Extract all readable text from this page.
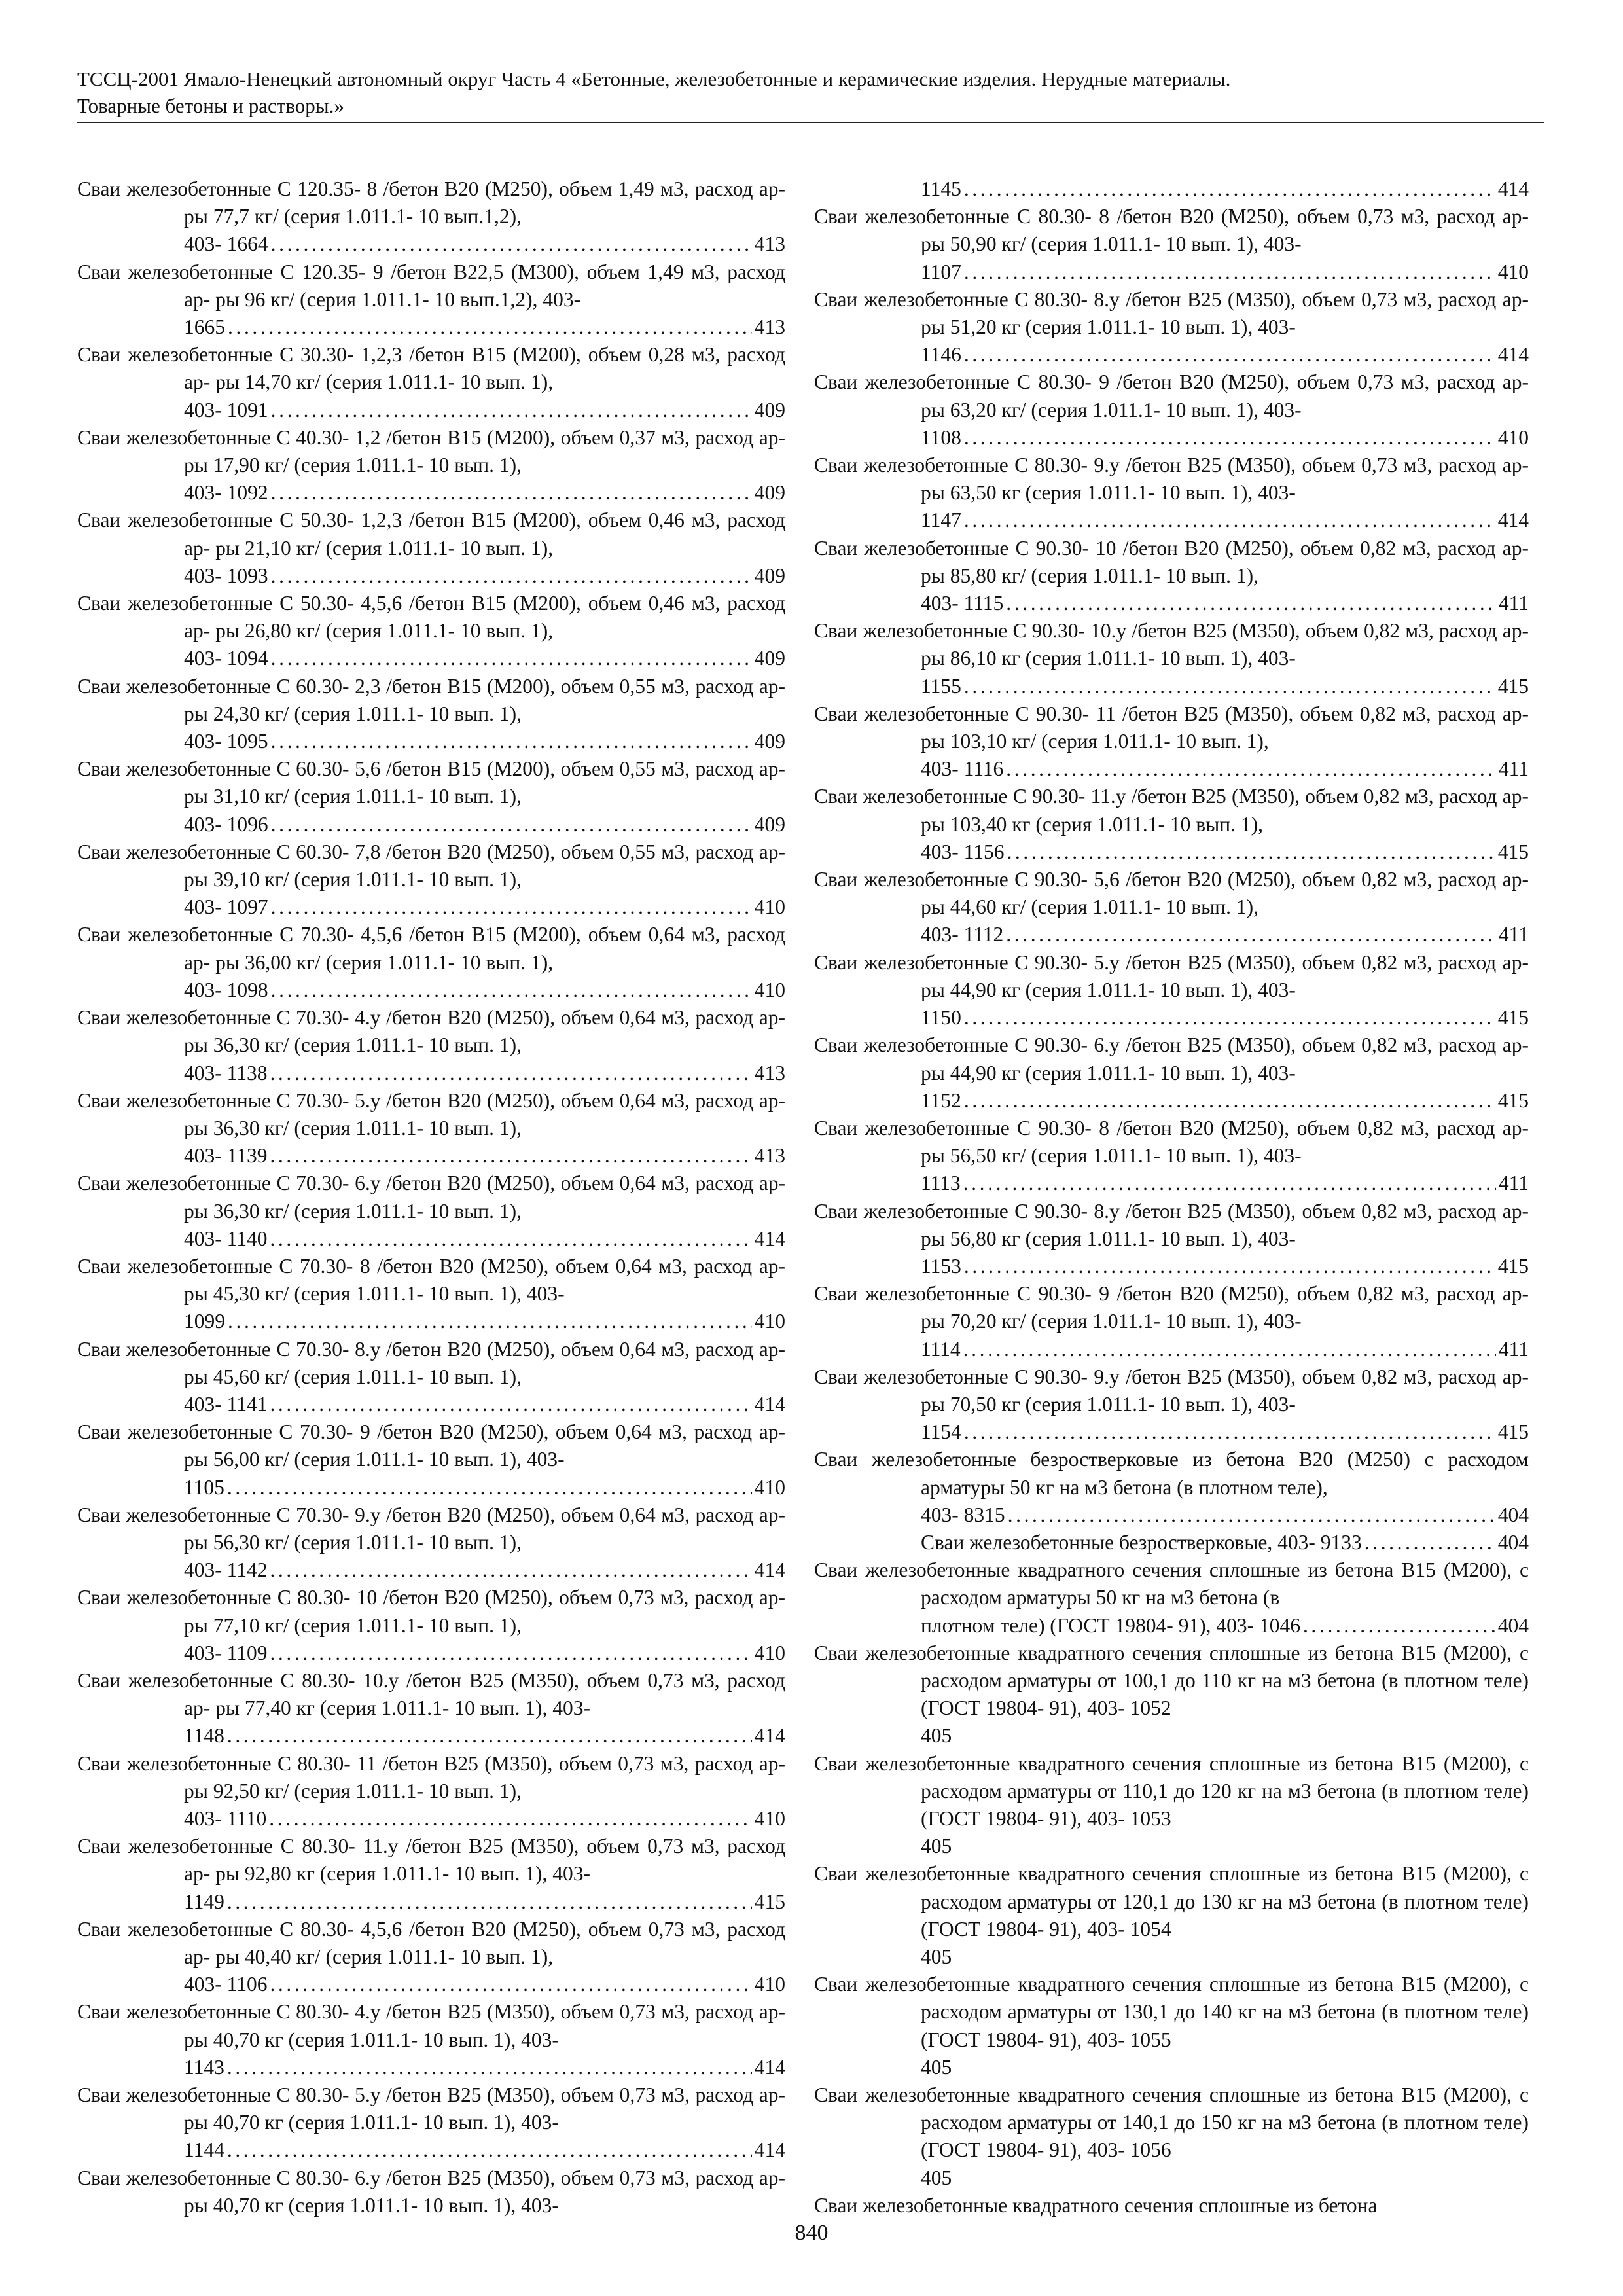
ТССЦ-2001 Ямало-Ненецкий автономный округ Часть 4 «Бетонные, железобетонные и керамические изделия. Нерудные материалы.
Товарные бетоны и растворы.»
Сваи железобетонные С 120.35- 8 /бетон В20 (М250), объем 1,49 м3, расход ар- ры 77,7 кг/ (серия 1.011.1- 10 вып.1,2),
403- 1664 .....	413
Сваи железобетонные С 120.35- 9 /бетон В22,5 (М300), объем 1,49 м3, расход ар- ры 96 кг/ (серия 1.011.1- 10 вып.1,2), 403-
1665 .....	413
Сваи железобетонные С 30.30- 1,2,3 /бетон В15 (М200), объем 0,28 м3, расход ар- ры 14,70 кг/ (серия 1.011.1- 10 вып. 1),
403- 1091 .....	409
Сваи железобетонные С 40.30- 1,2 /бетон В15 (М200), объем 0,37 м3, расход ар- ры 17,90 кг/ (серия 1.011.1- 10 вып. 1),
403- 1092 .....	409
Сваи железобетонные С 50.30- 1,2,3 /бетон В15 (М200), объем 0,46 м3, расход ар- ры 21,10 кг/ (серия 1.011.1- 10 вып. 1),
403- 1093 .....	409
Сваи железобетонные С 50.30- 4,5,6 /бетон В15 (М200), объем 0,46 м3, расход ар- ры 26,80 кг/ (серия 1.011.1- 10 вып. 1),
403- 1094 .....	409
Сваи железобетонные С 60.30- 2,3 /бетон В15 (М200), объем 0,55 м3, расход ар- ры 24,30 кг/ (серия 1.011.1- 10 вып. 1),
403- 1095 .....	409
Сваи железобетонные С 60.30- 5,6 /бетон В15 (М200), объем 0,55 м3, расход ар- ры 31,10 кг/ (серия 1.011.1- 10 вып. 1),
403- 1096 .....	409
Сваи железобетонные С 60.30- 7,8 /бетон В20 (М250), объем 0,55 м3, расход ар- ры 39,10 кг/ (серия 1.011.1- 10 вып. 1),
403- 1097 .....	410
Сваи железобетонные С 70.30- 4,5,6 /бетон В15 (М200), объем 0,64 м3, расход ар- ры 36,00 кг/ (серия 1.011.1- 10 вып. 1),
403- 1098 .....	410
Сваи железобетонные С 70.30- 4.у /бетон В20 (М250), объем 0,64 м3, расход ар- ры 36,30 кг/ (серия 1.011.1- 10 вып. 1),
403- 1138 .....	413
Сваи железобетонные С 70.30- 5.у /бетон В20 (М250), объем 0,64 м3, расход ар- ры 36,30 кг/ (серия 1.011.1- 10 вып. 1),
403- 1139 .....	413
Сваи железобетонные С 70.30- 6.у /бетон В20 (М250), объем 0,64 м3, расход ар- ры 36,30 кг/ (серия 1.011.1- 10 вып. 1),
403- 1140 .....	414
Сваи железобетонные С 70.30- 8 /бетон В20 (М250), объем 0,64 м3, расход ар- ры 45,30 кг/ (серия 1.011.1- 10 вып. 1), 403-
1099 .....	410
Сваи железобетонные С 70.30- 8.у /бетон В20 (М250), объем 0,64 м3, расход ар- ры 45,60 кг/ (серия 1.011.1- 10 вып. 1),
403- 1141 .....	414
Сваи железобетонные С 70.30- 9 /бетон В20 (М250), объем 0,64 м3, расход ар- ры 56,00 кг/ (серия 1.011.1- 10 вып. 1), 403-
1105 .....	410
Сваи железобетонные С 70.30- 9.у /бетон В20 (М250), объем 0,64 м3, расход ар- ры 56,30 кг/ (серия 1.011.1- 10 вып. 1),
403- 1142 .....	414
Сваи железобетонные С 80.30- 10 /бетон В20 (М250), объем 0,73 м3, расход ар- ры 77,10 кг/ (серия 1.011.1- 10 вып. 1),
403- 1109 .....	410
Сваи железобетонные С 80.30- 10.у /бетон В25 (М350), объем 0,73 м3, расход ар- ры 77,40 кг (серия 1.011.1- 10 вып. 1), 403-
1148 .....	414
Сваи железобетонные С 80.30- 11 /бетон В25 (М350), объем 0,73 м3, расход ар- ры 92,50 кг/ (серия 1.011.1- 10 вып. 1),
403- 1110 .....	410
Сваи железобетонные С 80.30- 11.у /бетон В25 (М350), объем 0,73 м3, расход ар- ры 92,80 кг (серия 1.011.1- 10 вып. 1), 403-
1149 .....	415
Сваи железобетонные С 80.30- 4,5,6 /бетон В20 (М250), объем 0,73 м3, расход ар- ры 40,40 кг/ (серия 1.011.1- 10 вып. 1),
403- 1106 .....	410
Сваи железобетонные С 80.30- 4.у /бетон В25 (М350), объем 0,73 м3, расход ар- ры 40,70 кг (серия 1.011.1- 10 вып. 1), 403-
1143 .....	414
Сваи железобетонные С 80.30- 5.у /бетон В25 (М350), объем 0,73 м3, расход ар- ры 40,70 кг (серия 1.011.1- 10 вып. 1), 403-
1144 .....	414
Сваи железобетонные С 80.30- 6.у /бетон В25 (М350), объем 0,73 м3, расход ар- ры 40,70 кг (серия 1.011.1- 10 вып. 1), 403-
1145 .....	414
Сваи железобетонные С 80.30- 8 /бетон В20 (М250), объем 0,73 м3, расход ар- ры 50,90 кг/ (серия 1.011.1- 10 вып. 1), 403-
1107 .....	410
Сваи железобетонные С 80.30- 8.у /бетон В25 (М350), объем 0,73 м3, расход ар- ры 51,20 кг (серия 1.011.1- 10 вып. 1), 403-
1146 .....	414
Сваи железобетонные С 80.30- 9 /бетон В20 (М250), объем 0,73 м3, расход ар- ры 63,20 кг/ (серия 1.011.1- 10 вып. 1), 403-
1108 .....	410
Сваи железобетонные С 80.30- 9.у /бетон В25 (М350), объем 0,73 м3, расход ар- ры 63,50 кг (серия 1.011.1- 10 вып. 1), 403-
1147 .....	414
Сваи железобетонные С 90.30- 10 /бетон В20 (М250), объем 0,82 м3, расход ар- ры 85,80 кг/ (серия 1.011.1- 10 вып. 1),
403- 1115 .....	411
Сваи железобетонные С 90.30- 10.у /бетон В25 (М350), объем 0,82 м3, расход ар- ры 86,10 кг (серия 1.011.1- 10 вып. 1), 403-
1155 .....	415
Сваи железобетонные С 90.30- 11 /бетон В25 (М350), объем 0,82 м3, расход ар- ры 103,10 кг/ (серия 1.011.1- 10 вып. 1),
403- 1116 .....	411
Сваи железобетонные С 90.30- 11.у /бетон В25 (М350), объем 0,82 м3, расход ар- ры 103,40 кг (серия 1.011.1- 10 вып. 1),
403- 1156 .....	415
Сваи железобетонные С 90.30- 5,6 /бетон В20 (М250), объем 0,82 м3, расход ар- ры 44,60 кг/ (серия 1.011.1- 10 вып. 1),
403- 1112 .....	411
Сваи железобетонные С 90.30- 5.у /бетон В25 (М350), объем 0,82 м3, расход ар- ры 44,90 кг (серия 1.011.1- 10 вып. 1), 403-
1150 .....	415
Сваи железобетонные С 90.30- 6.у /бетон В25 (М350), объем 0,82 м3, расход ар- ры 44,90 кг (серия 1.011.1- 10 вып. 1), 403-
1152 .....	415
Сваи железобетонные С 90.30- 8 /бетон В20 (М250), объем 0,82 м3, расход ар- ры 56,50 кг/ (серия 1.011.1- 10 вып. 1), 403-
1113 .....	411
Сваи железобетонные С 90.30- 8.у /бетон В25 (М350), объем 0,82 м3, расход ар- ры 56,80 кг (серия 1.011.1- 10 вып. 1), 403-
1153 .....	415
Сваи железобетонные С 90.30- 9 /бетон В20 (М250), объем 0,82 м3, расход ар- ры 70,20 кг/ (серия 1.011.1- 10 вып. 1), 403-
1114 .....	411
Сваи железобетонные С 90.30- 9.у /бетон В25 (М350), объем 0,82 м3, расход ар- ры 70,50 кг (серия 1.011.1- 10 вып. 1), 403-
1154 .....	415
Сваи железобетонные безростверковые из бетона В20 (М250) с расходом арматуры 50 кг на м3 бетона (в плотном теле),
403- 8315 .....	404
Сваи железобетонные безростверковые, 403- 9133 .....	404
Сваи железобетонные квадратного сечения сплошные из бетона В15 (М200), с расходом арматуры 50 кг на м3 бетона (в
плотном теле) (ГОСТ 19804- 91), 403- 1046 .....	404
Сваи железобетонные квадратного сечения сплошные из бетона В15 (М200), с расходом арматуры от 100,1 до 110 кг на м3 бетона (в плотном теле) (ГОСТ 19804- 91), 403- 1052
405
Сваи железобетонные квадратного сечения сплошные из бетона В15 (М200), с расходом арматуры от 110,1 до 120 кг на м3 бетона (в плотном теле) (ГОСТ 19804- 91), 403- 1053
405
Сваи железобетонные квадратного сечения сплошные из бетона В15 (М200), с расходом арматуры от 120,1 до 130 кг на м3 бетона (в плотном теле) (ГОСТ 19804- 91), 403- 1054
405
Сваи железобетонные квадратного сечения сплошные из бетона В15 (М200), с расходом арматуры от 130,1 до 140 кг на м3 бетона (в плотном теле) (ГОСТ 19804- 91), 403- 1055
405
Сваи железобетонные квадратного сечения сплошные из бетона В15 (М200), с расходом арматуры от 140,1 до 150 кг на м3 бетона (в плотном теле) (ГОСТ 19804- 91), 403- 1056
405
Сваи железобетонные квадратного сечения сплошные из бетона
840
